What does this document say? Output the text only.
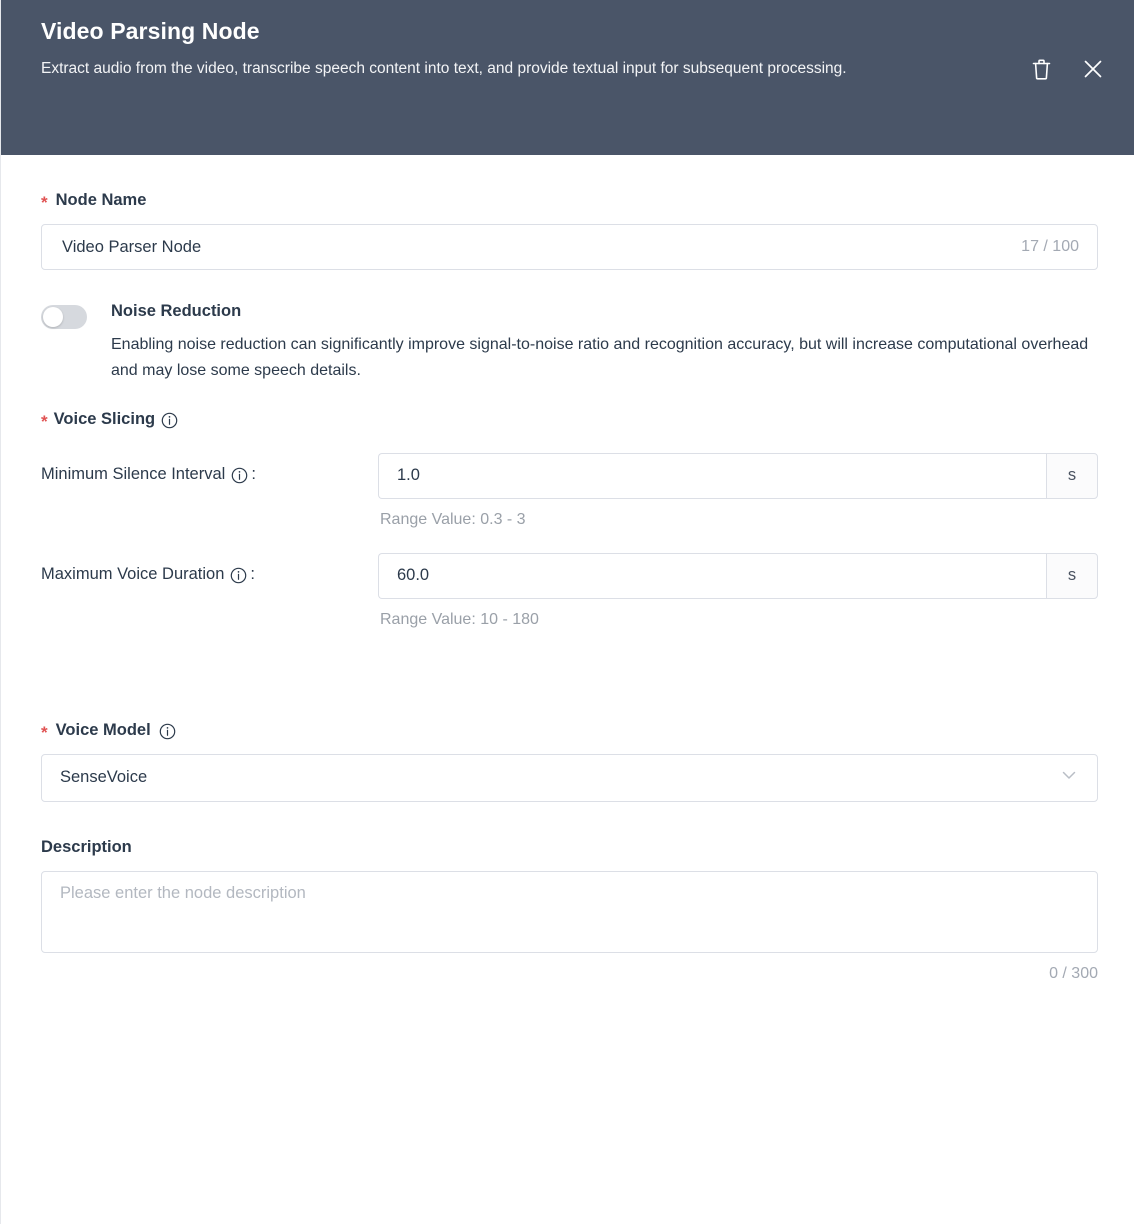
Video Parsing Node
Extract audio from the video, transcribe speech content into text, and provide textual input for subsequent processing.
* Node Name
Video Parser Node
17 / 100
Noise Reduction
Enabling noise reduction can significantly improve signal-to-noise ratio and recognition accuracy, but will increase computational overhead and may lose some speech details.
* Voice Slicing
Minimum Silence Interval :
1.0	s
Range Value: 0.3 - 3
Maximum Voice Duration :
60.0	s
Range Value: 10 - 180
* Voice Model
SenseVoice
Description
Please enter the node description
0 / 300
